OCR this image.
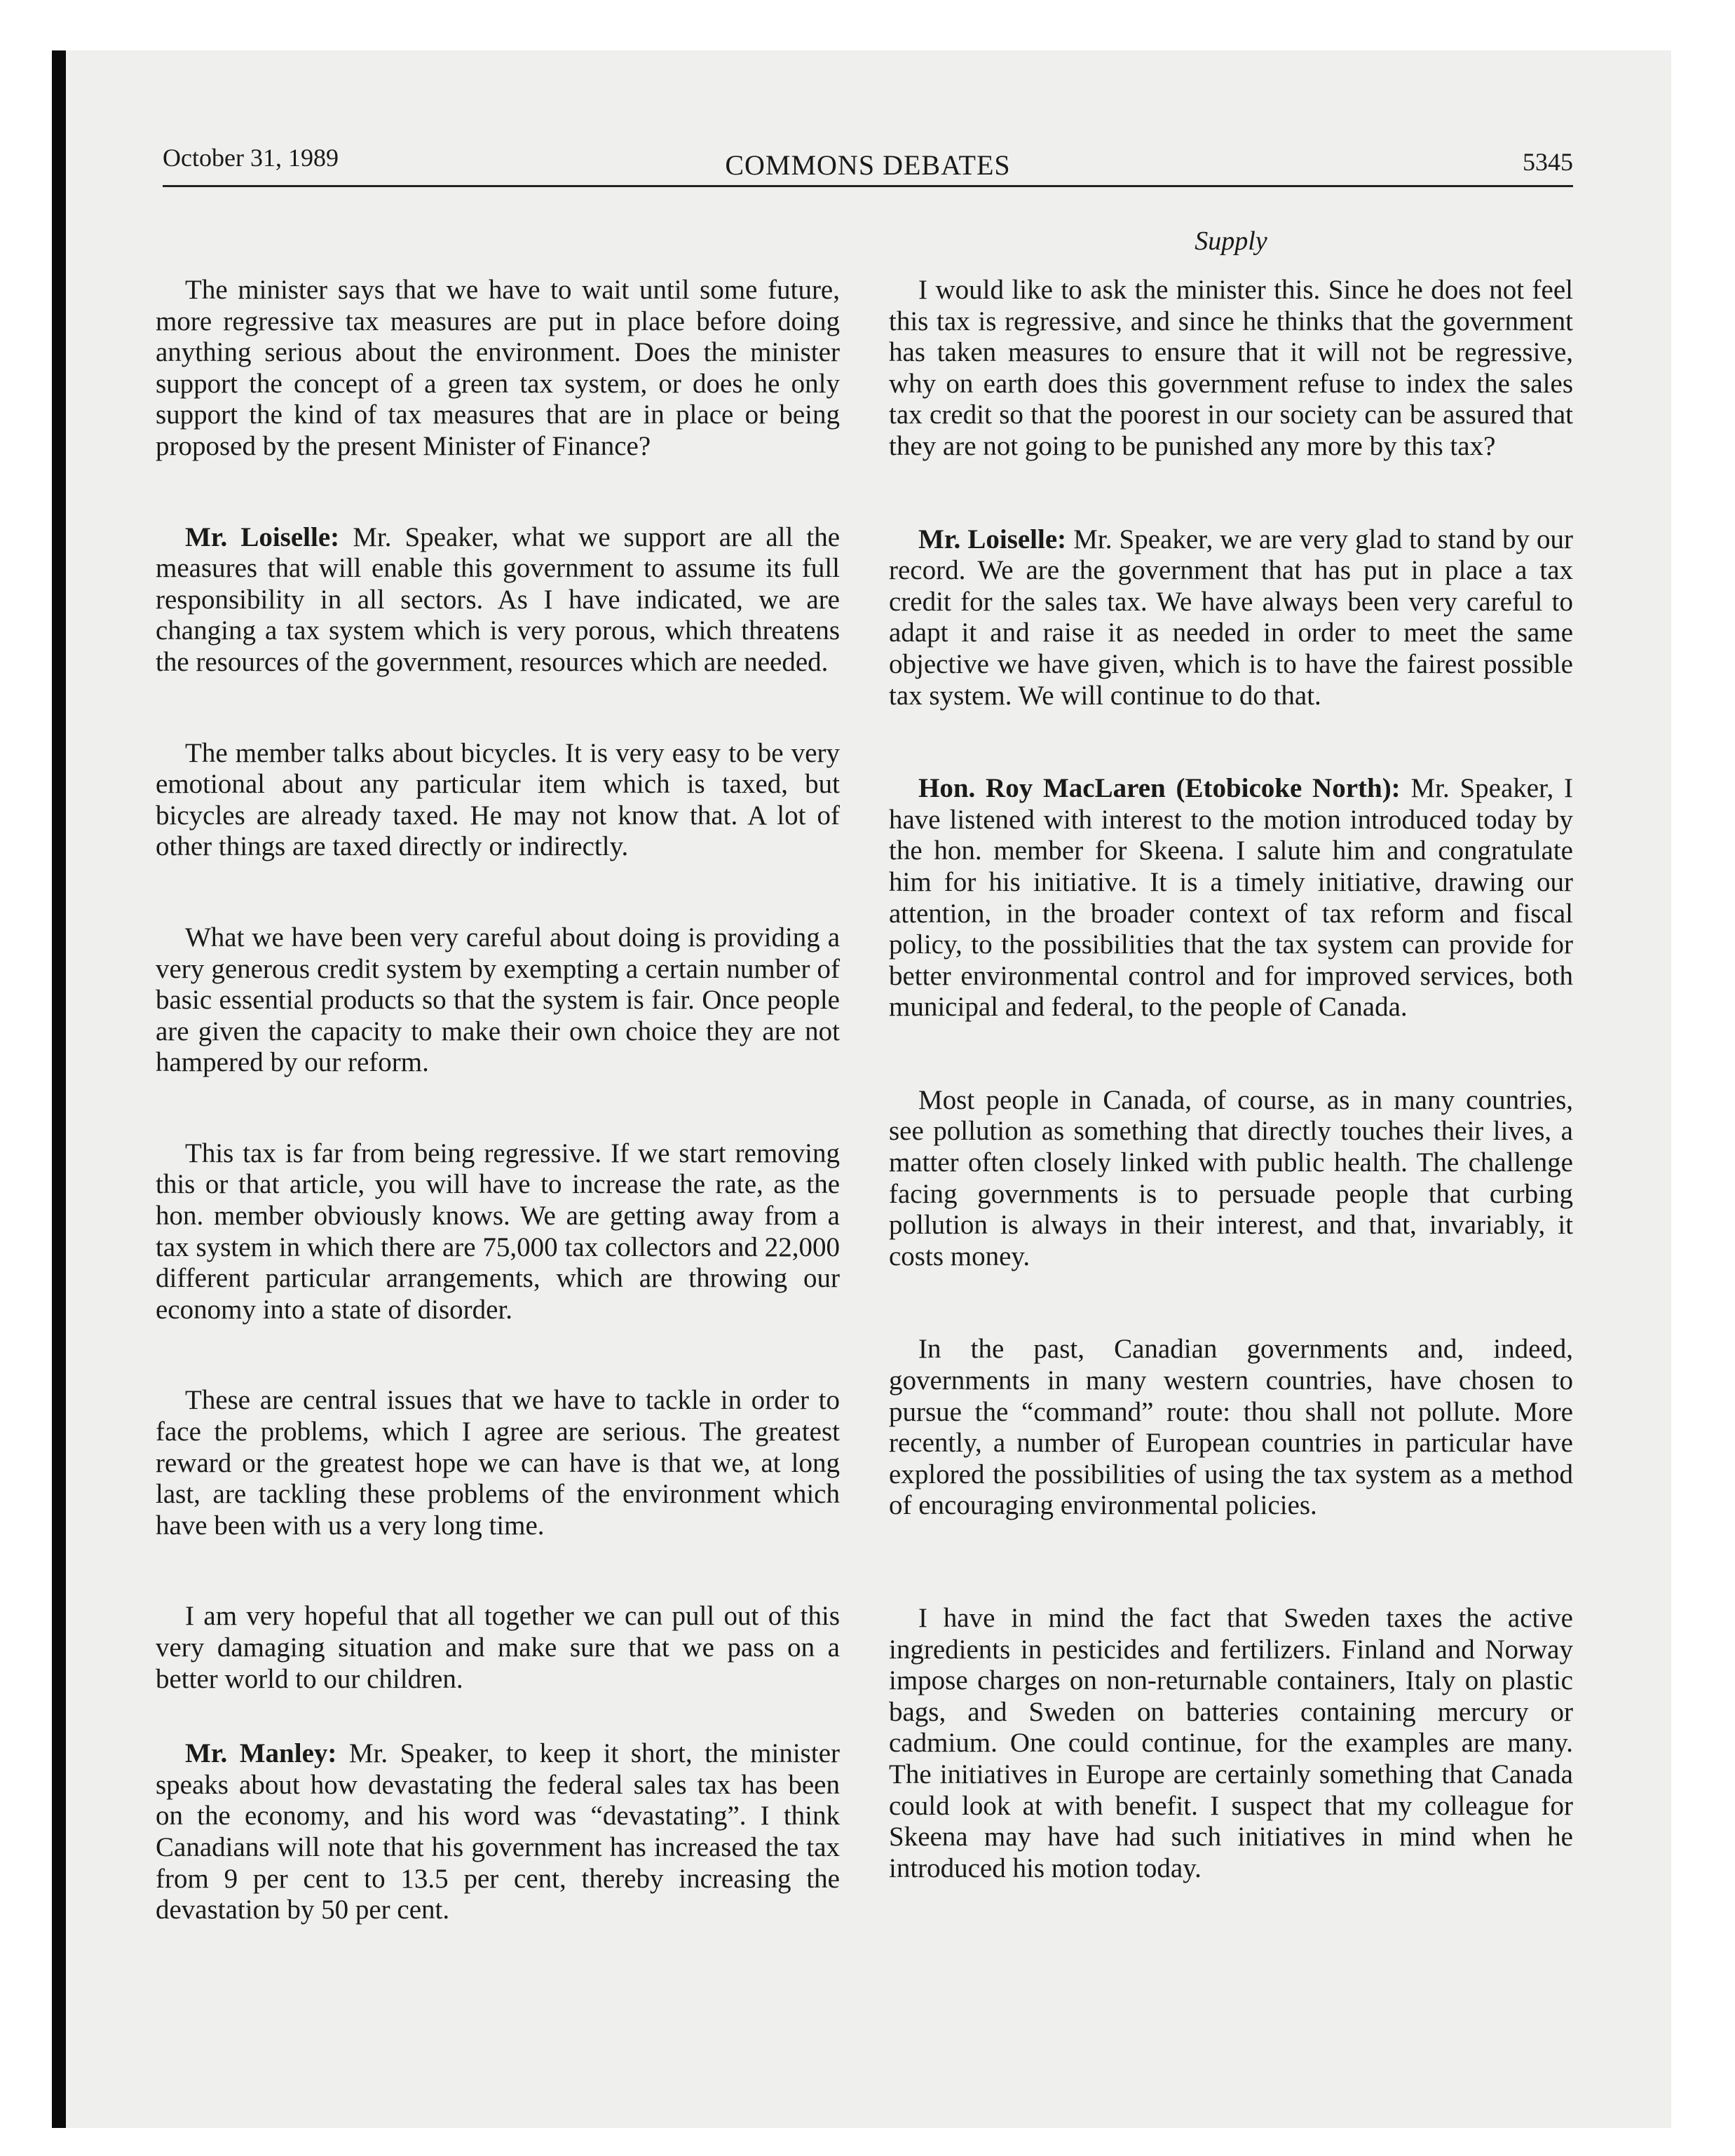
October 31, 1989	COMMONS DEBATES	5345
Supply

The minister says that we have to wait until some future, more regressive tax measures are put in place before doing anything serious about the environment. Does the minister support the concept of a green tax system, or does he only support the kind of tax measures that are in place or being proposed by the present Minister of Finance?

Mr. Loiselle: Mr. Speaker, what we support are all the measures that will enable this government to assume its full responsibility in all sectors. As I have indicated, we are changing a tax system which is very porous, which threatens the resources of the government, resources which are needed.

The member talks about bicycles. It is very easy to be very emotional about any particular item which is taxed, but bicycles are already taxed. He may not know that. A lot of other things are taxed directly or indirectly.

What we have been very careful about doing is providing a very generous credit system by exempting a certain number of basic essential products so that the system is fair. Once people are given the capacity to make their own choice they are not hampered by our reform.

This tax is far from being regressive. If we start removing this or that article, you will have to increase the rate, as the hon. member obviously knows. We are getting away from a tax system in which there are 75,000 tax collectors and 22,000 different particular arrangements, which are throwing our economy into a state of disorder.

These are central issues that we have to tackle in order to face the problems, which I agree are serious. The greatest reward or the greatest hope we can have is that we, at long last, are tackling these problems of the environment which have been with us a very long time.

I am very hopeful that all together we can pull out of this very damaging situation and make sure that we pass on a better world to our children.

Mr. Manley: Mr. Speaker, to keep it short, the minister speaks about how devastating the federal sales tax has been on the economy, and his word was “devastating”. I think Canadians will note that his government has increased the tax from 9 per cent to 13.5 per cent, thereby increasing the devastation by 50 per cent.

I would like to ask the minister this. Since he does not feel this tax is regressive, and since he thinks that the government has taken measures to ensure that it will not be regressive, why on earth does this government refuse to index the sales tax credit so that the poorest in our society can be assured that they are not going to be punished any more by this tax?

Mr. Loiselle: Mr. Speaker, we are very glad to stand by our record. We are the government that has put in place a tax credit for the sales tax. We have always been very careful to adapt it and raise it as needed in order to meet the same objective we have given, which is to have the fairest possible tax system. We will continue to do that.

Hon. Roy MacLaren (Etobicoke North): Mr. Speaker, I have listened with interest to the motion introduced today by the hon. member for Skeena. I salute him and congratulate him for his initiative. It is a timely initiative, drawing our attention, in the broader context of tax reform and fiscal policy, to the possibilities that the tax system can provide for better environmental control and for improved services, both municipal and federal, to the people of Canada.

Most people in Canada, of course, as in many countries, see pollution as something that directly touches their lives, a matter often closely linked with public health. The challenge facing governments is to persuade people that curbing pollution is always in their interest, and that, invariably, it costs money.

In the past, Canadian governments and, indeed, governments in many western countries, have chosen to pursue the “command” route: thou shall not pollute. More recently, a number of European countries in particular have explored the possibilities of using the tax system as a method of encouraging environmental policies.

I have in mind the fact that Sweden taxes the active ingredients in pesticides and fertilizers. Finland and Norway impose charges on non-returnable containers, Italy on plastic bags, and Sweden on batteries containing mercury or cadmium. One could continue, for the examples are many. The initiatives in Europe are certainly something that Canada could look at with benefit. I suspect that my colleague for Skeena may have had such initiatives in mind when he introduced his motion today.
